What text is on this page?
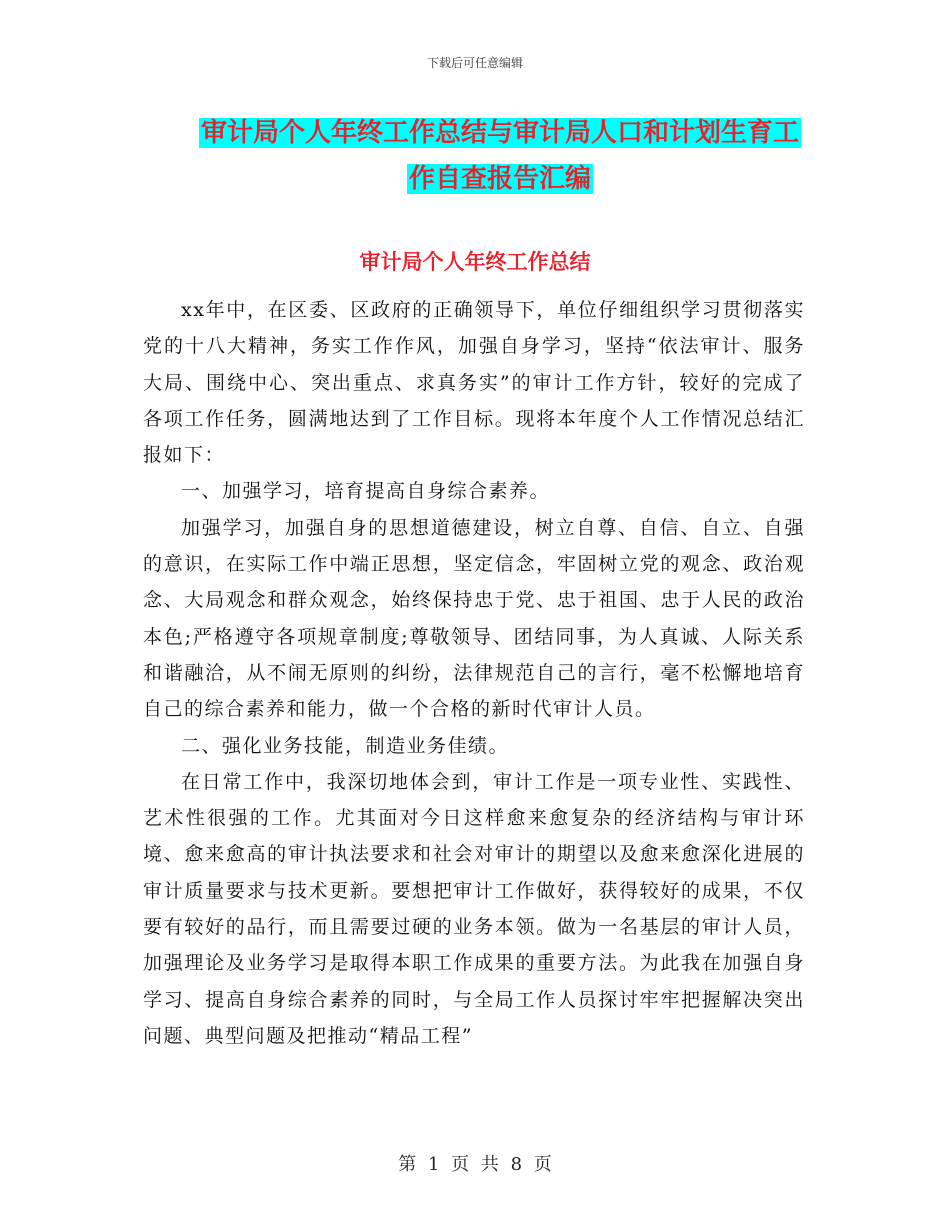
下载后可任意编辑
审计局个人年终工作总结与审计局人口和计划生育工
作自查报告汇编
审计局个人年终工作总结

xx年中，在区委、区政府的正确领导下，单位仔细组织学习贯彻落实党的十八大精神，务实工作作风，加强自身学习，坚持“依法审计、服务大局、围绕中心、突出重点、求真务实”的审计工作方针，较好的完成了各项工作任务，圆满地达到了工作目标。现将本年度个人工作情况总结汇报如下：

一、加强学习，培育提高自身综合素养。

加强学习，加强自身的思想道德建设，树立自尊、自信、自立、自强的意识，在实际工作中端正思想，坚定信念，牢固树立党的观念、政治观念、大局观念和群众观念，始终保持忠于党、忠于祖国、忠于人民的政治本色;严格遵守各项规章制度;尊敬领导、团结同事，为人真诚、人际关系和谐融洽，从不闹无原则的纠纷，法律规范自己的言行，毫不松懈地培育自己的综合素养和能力，做一个合格的新时代审计人员。

二、强化业务技能，制造业务佳绩。

在日常工作中，我深切地体会到，审计工作是一项专业性、实践性、艺术性很强的工作。尤其面对今日这样愈来愈复杂的经济结构与审计环境、愈来愈高的审计执法要求和社会对审计的期望以及愈来愈深化进展的审计质量要求与技术更新。要想把审计工作做好，获得较好的成果，不仅要有较好的品行，而且需要过硬的业务本领。做为一名基层的审计人员，加强理论及业务学习是取得本职工作成果的重要方法。为此我在加强自身学习、提高自身综合素养的同时，与全局工作人员探讨牢牢把握解决突出问题、典型问题及把推动“精品工程”

第 1 页 共 8 页
